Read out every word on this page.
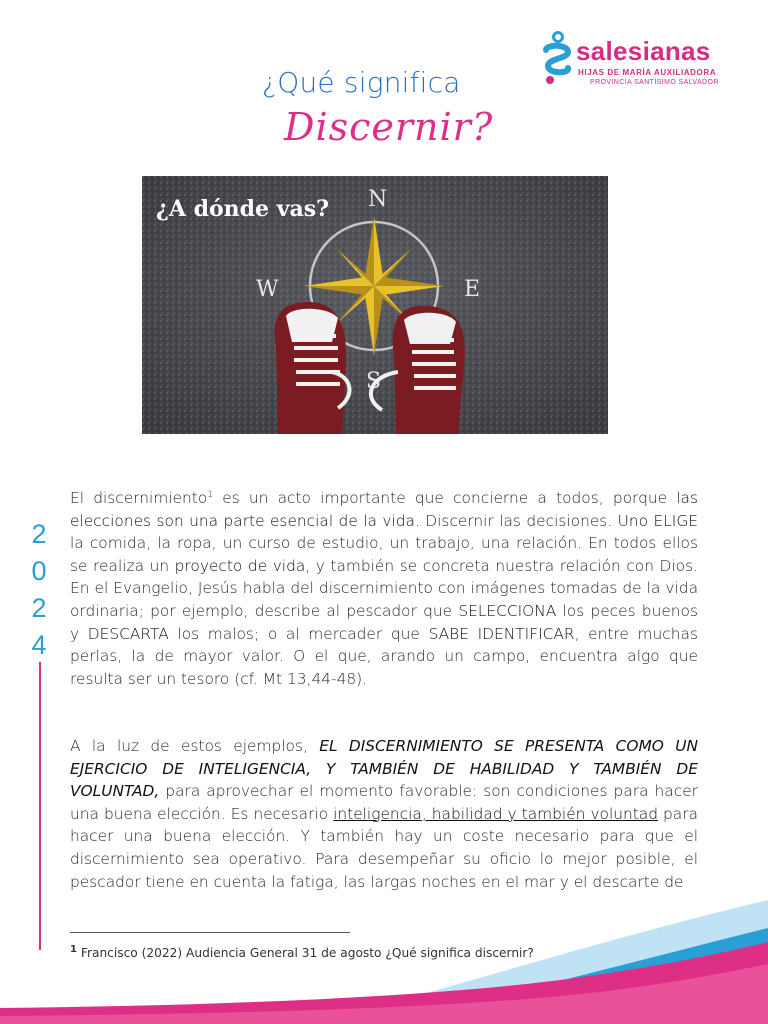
salesianas
HIJAS DE MARÍA AUXILIADORA
PROVINCIA SANTÍSIMO SALVADOR
¿Qué significa
Discernir?
N
W	E
S
¿A dónde vas?
2
0
2
4

El discernimiento$^1$ es un acto importante que concierne a todos, porque las elecciones son una parte esencial de la vida. Discernir las decisiones. Uno ELIGE la comida, la ropa, un curso de estudio, un trabajo, una relación. En todos ellos se realiza un proyecto de vida, y también se concreta nuestra relación con Dios. En el Evangelio, Jesús habla del discernimiento con imágenes tomadas de la vida ordinaria; por ejemplo, describe al pescador que SELECCIONA los peces buenos y DESCARTA los malos; o al mercader que SABE IDENTIFICAR, entre muchas perlas, la de mayor valor. O el que, arando un campo, encuentra algo que resulta ser un tesoro (cf. Mt 13,44-48).

A la luz de estos ejemplos, EL DISCERNIMIENTO SE PRESENTA COMO UN EJERCICIO DE INTELIGENCIA, Y TAMBIÉN DE HABILIDAD Y TAMBIÉN DE VOLUNTAD, para aprovechar el momento favorable: son condiciones para hacer una buena elección. Es necesario inteligencia, habilidad y también voluntad para hacer una buena elección. Y también hay un coste necesario para que el discernimiento sea operativo. Para desempeñar su oficio lo mejor posible, el pescador tiene en cuenta la fatiga, las largas noches en el mar y el descarte de

$^1$ Francisco (2022) Audiencia General 31 de agosto ¿Qué significa discernir?
